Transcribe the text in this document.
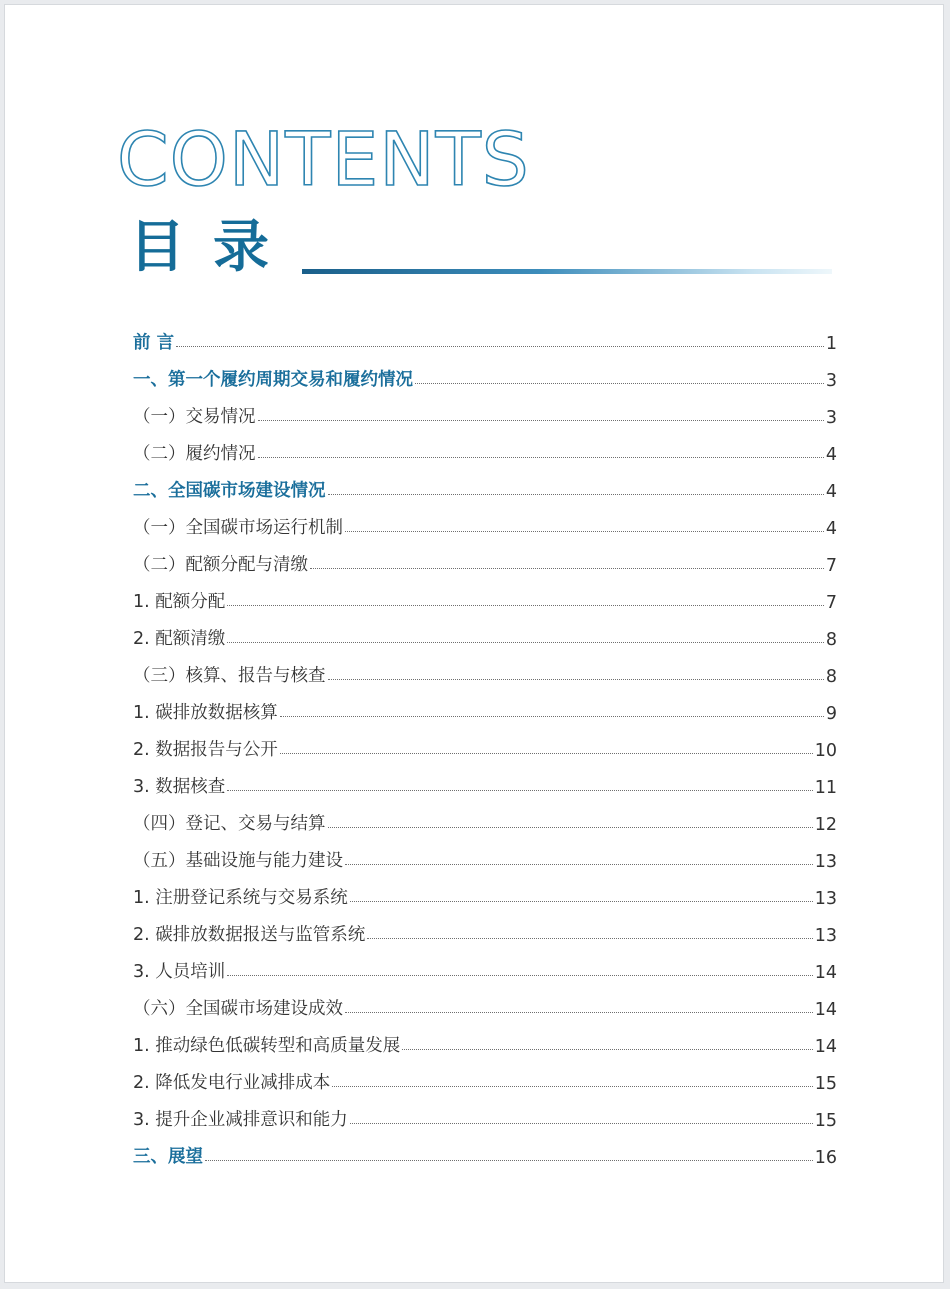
CONTENTS
目录
前 言	1
一、第一个履约周期交易和履约情况	3
（一）交易情况	3
（二）履约情况	4
二、全国碳市场建设情况	4
（一）全国碳市场运行机制	4
（二）配额分配与清缴	7
1. 配额分配	7
2. 配额清缴	8
（三）核算、报告与核查	8
1. 碳排放数据核算	9
2. 数据报告与公开	10
3. 数据核查	11
（四）登记、交易与结算	12
（五）基础设施与能力建设	13
1. 注册登记系统与交易系统	13
2. 碳排放数据报送与监管系统	13
3. 人员培训	14
（六）全国碳市场建设成效	14
1. 推动绿色低碳转型和高质量发展	14
2. 降低发电行业减排成本	15
3. 提升企业减排意识和能力	15
三、展望	16
